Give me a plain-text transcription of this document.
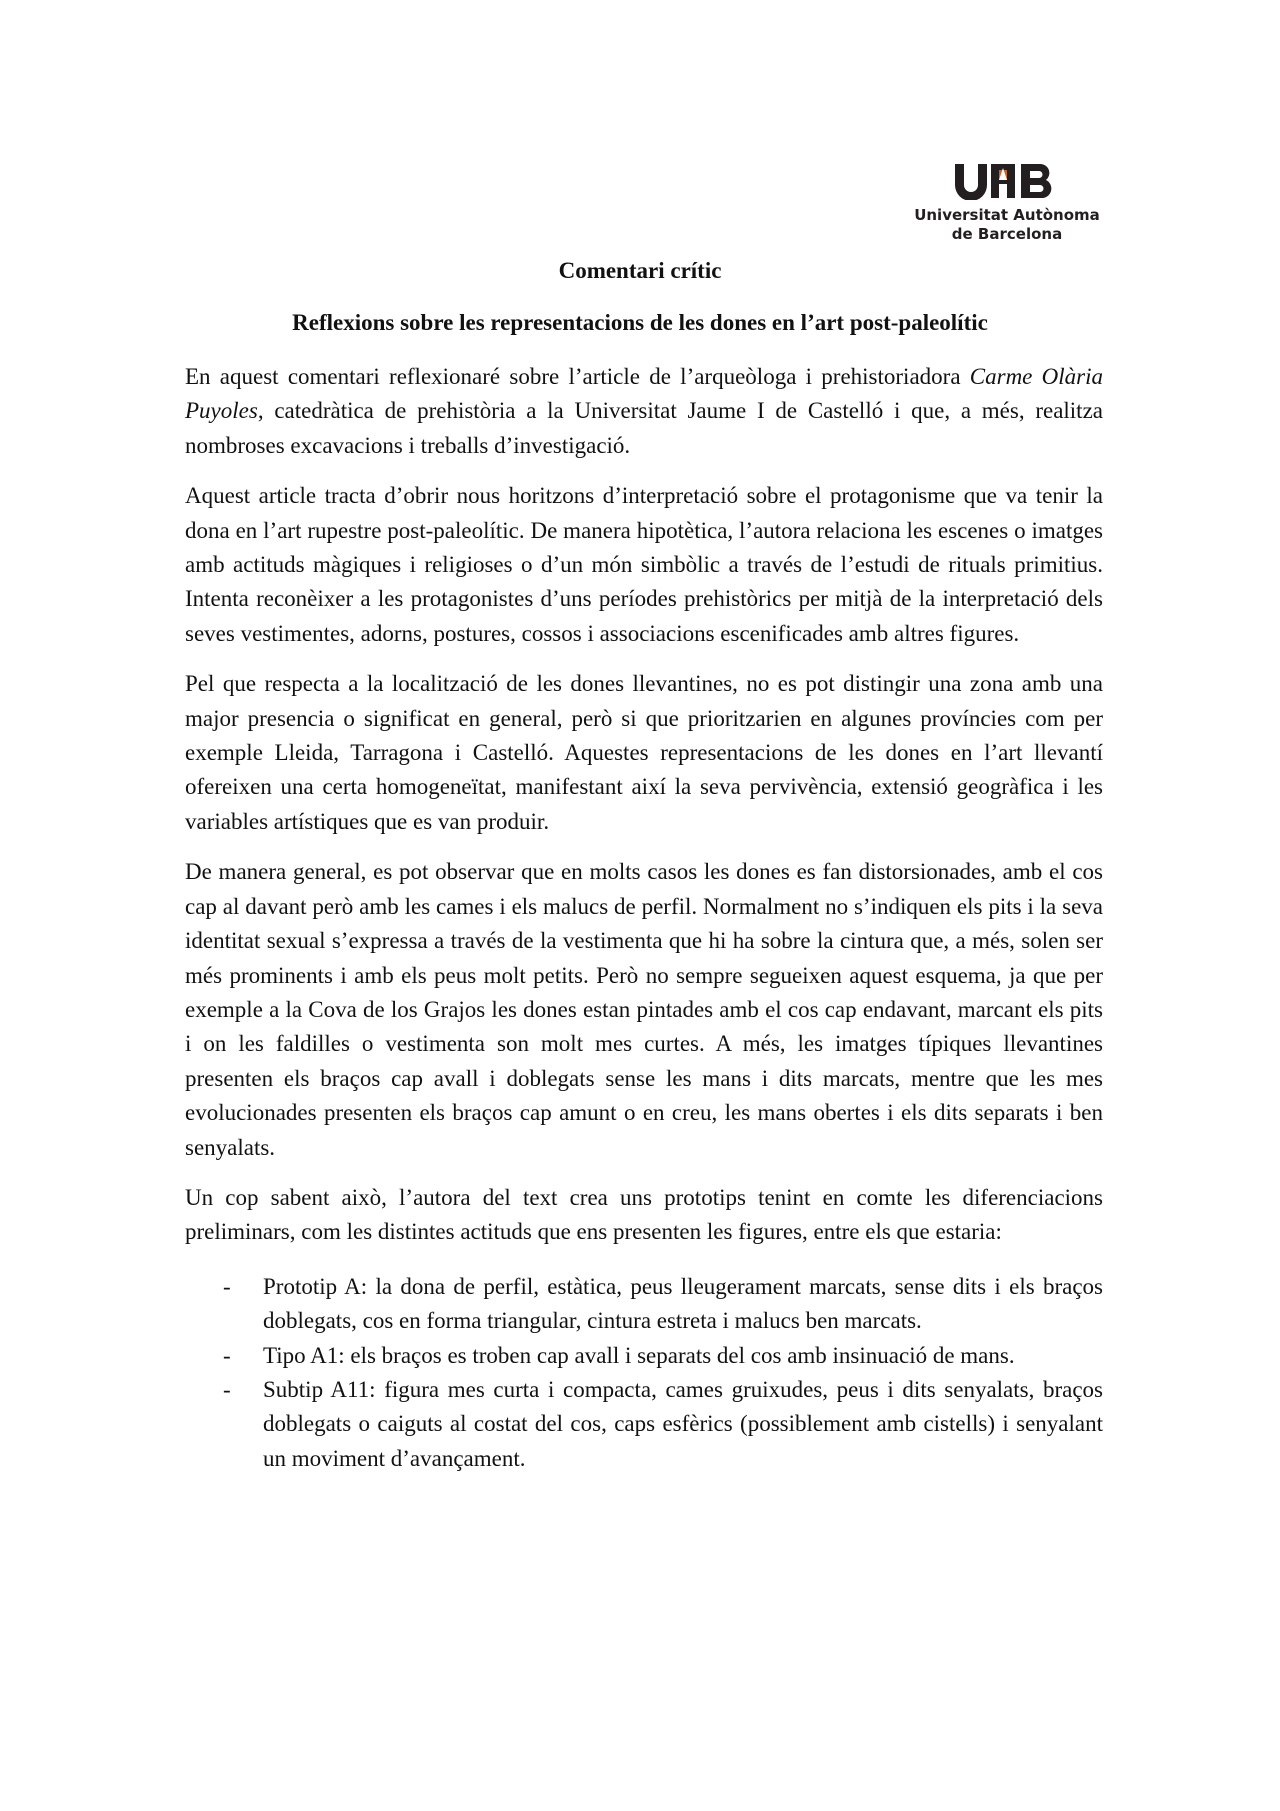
Universitat Autònoma
de Barcelona
Comentari crític
Reflexions sobre les representacions de les dones en l’art post-paleolític

En aquest comentari reflexionaré sobre l’article de l’arqueòloga i prehistoriadora Carme Olària Puyoles, catedràtica de prehistòria a la Universitat Jaume I de Castelló i que, a més, realitza nombroses excavacions i treballs d’investigació.

Aquest article tracta d’obrir nous horitzons d’interpretació sobre el protagonisme que va tenir la dona en l’art rupestre post-paleolític. De manera hipotètica, l’autora relaciona les escenes o imatges amb actituds màgiques i religioses o d’un món simbòlic a través de l’estudi de rituals primitius. Intenta reconèixer a les protagonistes d’uns períodes prehistòrics per mitjà de la interpretació dels seves vestimentes, adorns, postures, cossos i associacions escenificades amb altres figures.

Pel que respecta a la localització de les dones llevantines, no es pot distingir una zona amb una major presencia o significat en general, però si que prioritzarien en algunes províncies com per exemple Lleida, Tarragona i Castelló. Aquestes representacions de les dones en l’art llevantí ofereixen una certa homogeneïtat, manifestant així la seva pervivència, extensió geogràfica i les variables artístiques que es van produir.

De manera general, es pot observar que en molts casos les dones es fan distorsionades, amb el cos cap al davant però amb les cames i els malucs de perfil. Normalment no s’indiquen els pits i la seva identitat sexual s’expressa a través de la vestimenta que hi ha sobre la cintura que, a més, solen ser més prominents i amb els peus molt petits. Però no sempre segueixen aquest esquema, ja que per exemple a la Cova de los Grajos les dones estan pintades amb el cos cap endavant, marcant els pits i on les faldilles o vestimenta son molt mes curtes. A més, les imatges típiques llevantines presenten els braços cap avall i doblegats sense les mans i dits marcats, mentre que les mes evolucionades presenten els braços cap amunt o en creu, les mans obertes i els dits separats i ben senyalats.

Un cop sabent això, l’autora del text crea uns prototips tenint en comte les diferenciacions preliminars, com les distintes actituds que ens presenten les figures, entre els que estaria:

- Prototip A: la dona de perfil, estàtica, peus lleugerament marcats, sense dits i els braços doblegats, cos en forma triangular, cintura estreta i malucs ben marcats.
- Tipo A1: els braços es troben cap avall i separats del cos amb insinuació de mans.
- Subtip A11: figura mes curta i compacta, cames gruixudes, peus i dits senyalats, braços doblegats o caiguts al costat del cos, caps esfèrics (possiblement amb cistells) i senyalant un moviment d’avançament.
